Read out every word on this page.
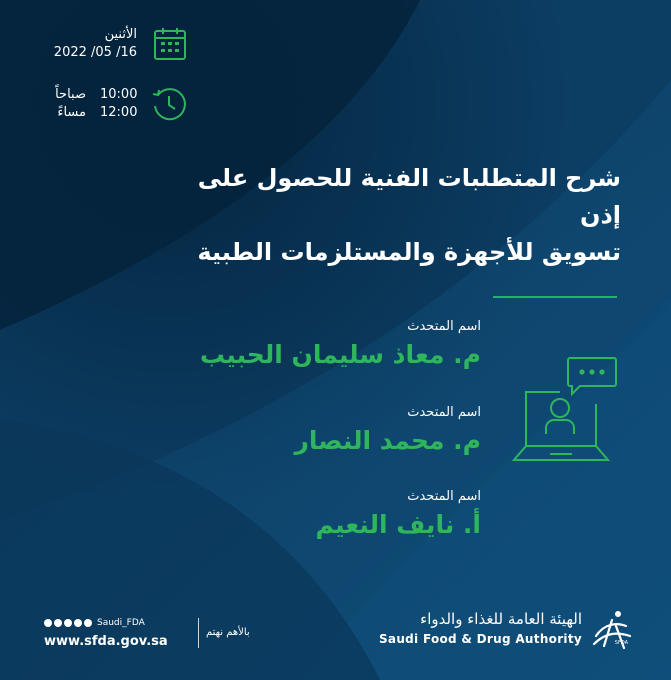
الأثنين
2022 /05 /16
صباحاً 10:00
مساءً 12:00
شرح المتطلبات الفنية للحصول على إذن
تسويق للأجهزة والمستلزمات الطبية
اسم المتحدث
م. معاذ سليمان الحبيب
اسم المتحدث
م. محمد النصار
اسم المتحدث
أ. نايف النعيم
Saudi_FDA
www.sfda.gov.sa
بالأهم نهتم
الهيئة العامة للغذاء والدواء
Saudi Food & Drug Authority	SFDA
